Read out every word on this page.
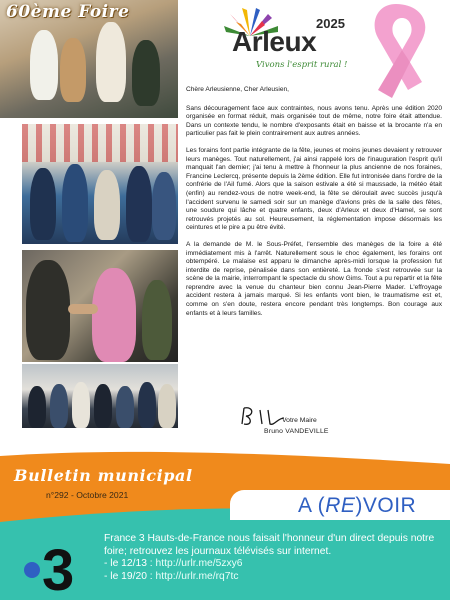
60ème Foire
2025
Arleux
Vivons l'esprit rural !

Chère Arleusienne, Cher Arleusien,

Sans découragement face aux contraintes, nous avons tenu. Après une édition 2020 organisée en format réduit, mais organisée tout de même, notre foire était attendue. Dans un contexte tendu, le nombre d'exposants était en baisse et la brocante n'a en particulier pas fait le plein contrairement aux autres années.

Les forains font partie intégrante de la fête, jeunes et moins jeunes devaient y retrouver leurs manèges. Tout naturellement, j'ai ainsi rappelé lors de l'inauguration l'esprit qu'il manquait l'an dernier; j'ai tenu à mettre à l'honneur la plus ancienne de nos foraines, Francine Leclercq, présente depuis la 2ème édition. Elle fut intronisée dans l'ordre de la confrérie de l'Ail fumé. Alors que la saison estivale a été si maussade, la météo était (enfin) au rendez-vous de notre week-end, la fête se déroulait avec succès jusqu'à l'accident survenu le samedi soir sur un manège d'avions près de la salle des fêtes, une soudure qui lâche et quatre enfants, deux d'Arleux et deux d'Hamel, se sont retrouvés projetés au sol. Heureusement, la réglementation impose désormais les ceintures et le pire a pu être évité.

A la demande de M. le Sous-Préfet, l'ensemble des manèges de la foire a été immédiatement mis à l'arrêt. Naturellement sous le choc également, les forains ont obtempéré. Le malaise est apparu le dimanche après-midi lorsque la profession fut interdite de reprise, pénalisée dans son entièreté. La fronde s'est retrouvée sur la scène de la mairie, interrompant le spectacle du show Gims. Tout a pu repartir et la fête reprendre avec la venue du chanteur bien connu Jean-Pierre Mader. L'effroyage accident restera à jamais marqué. Si les enfants vont bien, le traumatisme est et, comme on s'en doute, restera encore pendant très longtemps. Bon courage aux enfants et à leurs familles.

Votre Maire
Bruno VANDEVILLE
Bulletin municipal
n°292 - Octobre 2021	A (RE)VOIR
3	France 3 Hauts-de-France nous faisait l'honneur d'un direct depuis notre foire; retrouvez les journaux télévisés sur internet.
- le 12/13 : http://urlr.me/5zxy6
- le 19/20 : http://urlr.me/rq7tc
